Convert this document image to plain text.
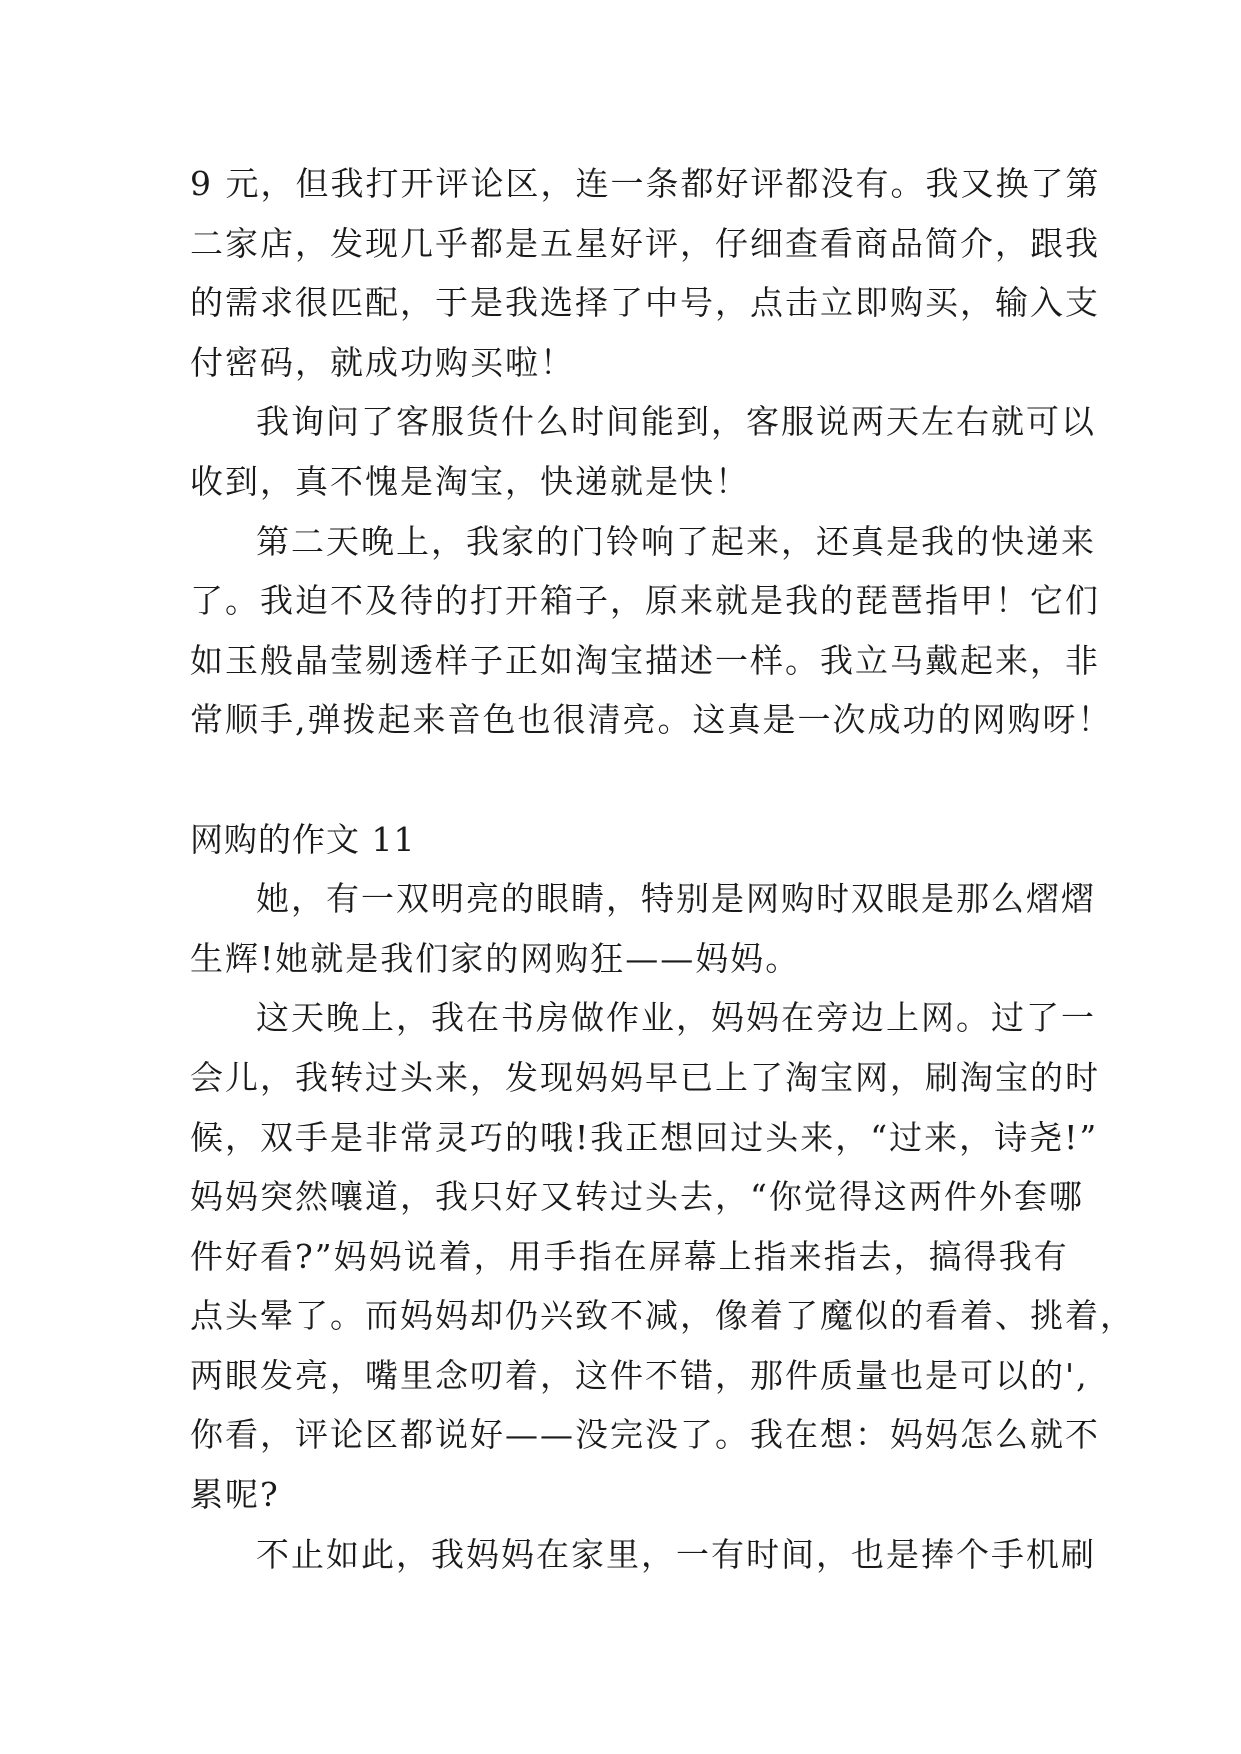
9 元，但我打开评论区，连一条都好评都没有。我又换了第
二家店，发现几乎都是五星好评，仔细查看商品简介，跟我
的需求很匹配，于是我选择了中号，点击立即购买，输入支
付密码，就成功购买啦！
我询问了客服货什么时间能到，客服说两天左右就可以
收到，真不愧是淘宝，快递就是快！
第二天晚上，我家的门铃响了起来，还真是我的快递来
了。我迫不及待的打开箱子，原来就是我的琵琶指甲！它们
如玉般晶莹剔透样子正如淘宝描述一样。我立马戴起来，非
常顺手,弹拨起来音色也很清亮。这真是一次成功的网购呀！
网购的作文 11
她，有一双明亮的眼睛，特别是网购时双眼是那么熠熠
生辉!她就是我们家的网购狂——妈妈。
这天晚上，我在书房做作业，妈妈在旁边上网。过了一
会儿，我转过头来，发现妈妈早已上了淘宝网，刷淘宝的时
候，双手是非常灵巧的哦!我正想回过头来，“过来，诗尧!”
妈妈突然嚷道，我只好又转过头去，“你觉得这两件外套哪
件好看?”妈妈说着，用手指在屏幕上指来指去，搞得我有
点头晕了。而妈妈却仍兴致不减，像着了魔似的看着、挑着，
两眼发亮，嘴里念叨着，这件不错，那件质量也是可以的',
你看，评论区都说好——没完没了。我在想：妈妈怎么就不
累呢?
不止如此，我妈妈在家里，一有时间，也是捧个手机刷
